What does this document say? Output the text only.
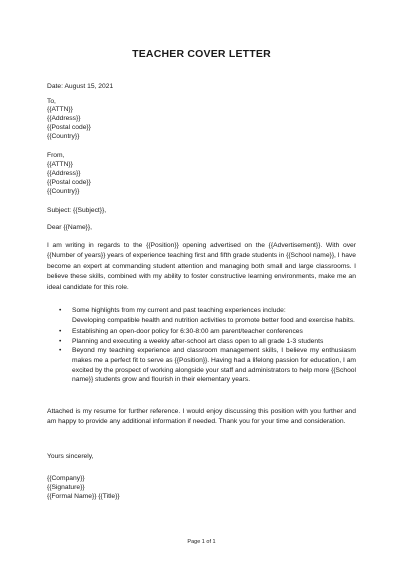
TEACHER COVER LETTER
Date: August 15, 2021
To,
{{ATTN}}
{{Address}}
{{Postal code}}
{{Country}}
From,
{{ATTN}}
{{Address}}
{{Postal code}}
{{Country}}
Subject: {{Subject}},
Dear {{Name}},
I am writing in regards to the {{Position}} opening advertised on the {{Advertisement}}. With over {{Number of years}} years of experience teaching first and fifth grade students in {{School name}}, I have become an expert at commanding student attention and managing both small and large classrooms. I believe these skills, combined with my ability to foster constructive learning environments, make me an ideal candidate for this role.
• Some highlights from my current and past teaching experiences include:
Developing compatible health and nutrition activities to promote better food and exercise habits.
• Establishing an open-door policy for 6:30-8:00 am parent/teacher conferences
• Planning and executing a weekly after-school art class open to all grade 1-3 students
• Beyond my teaching experience and classroom management skills, I believe my enthusiasm makes me a perfect fit to serve as {{Position}}. Having had a lifelong passion for education, I am excited by the prospect of working alongside your staff and administrators to help more {{School name}} students grow and flourish in their elementary years.
Attached is my resume for further reference. I would enjoy discussing this position with you further and am happy to provide any additional information if needed. Thank you for your time and consideration.
Yours sincerely,
{{Company}}
{{Signature}}
{{Formal Name}} {{Title}}
Page 1 of 1
